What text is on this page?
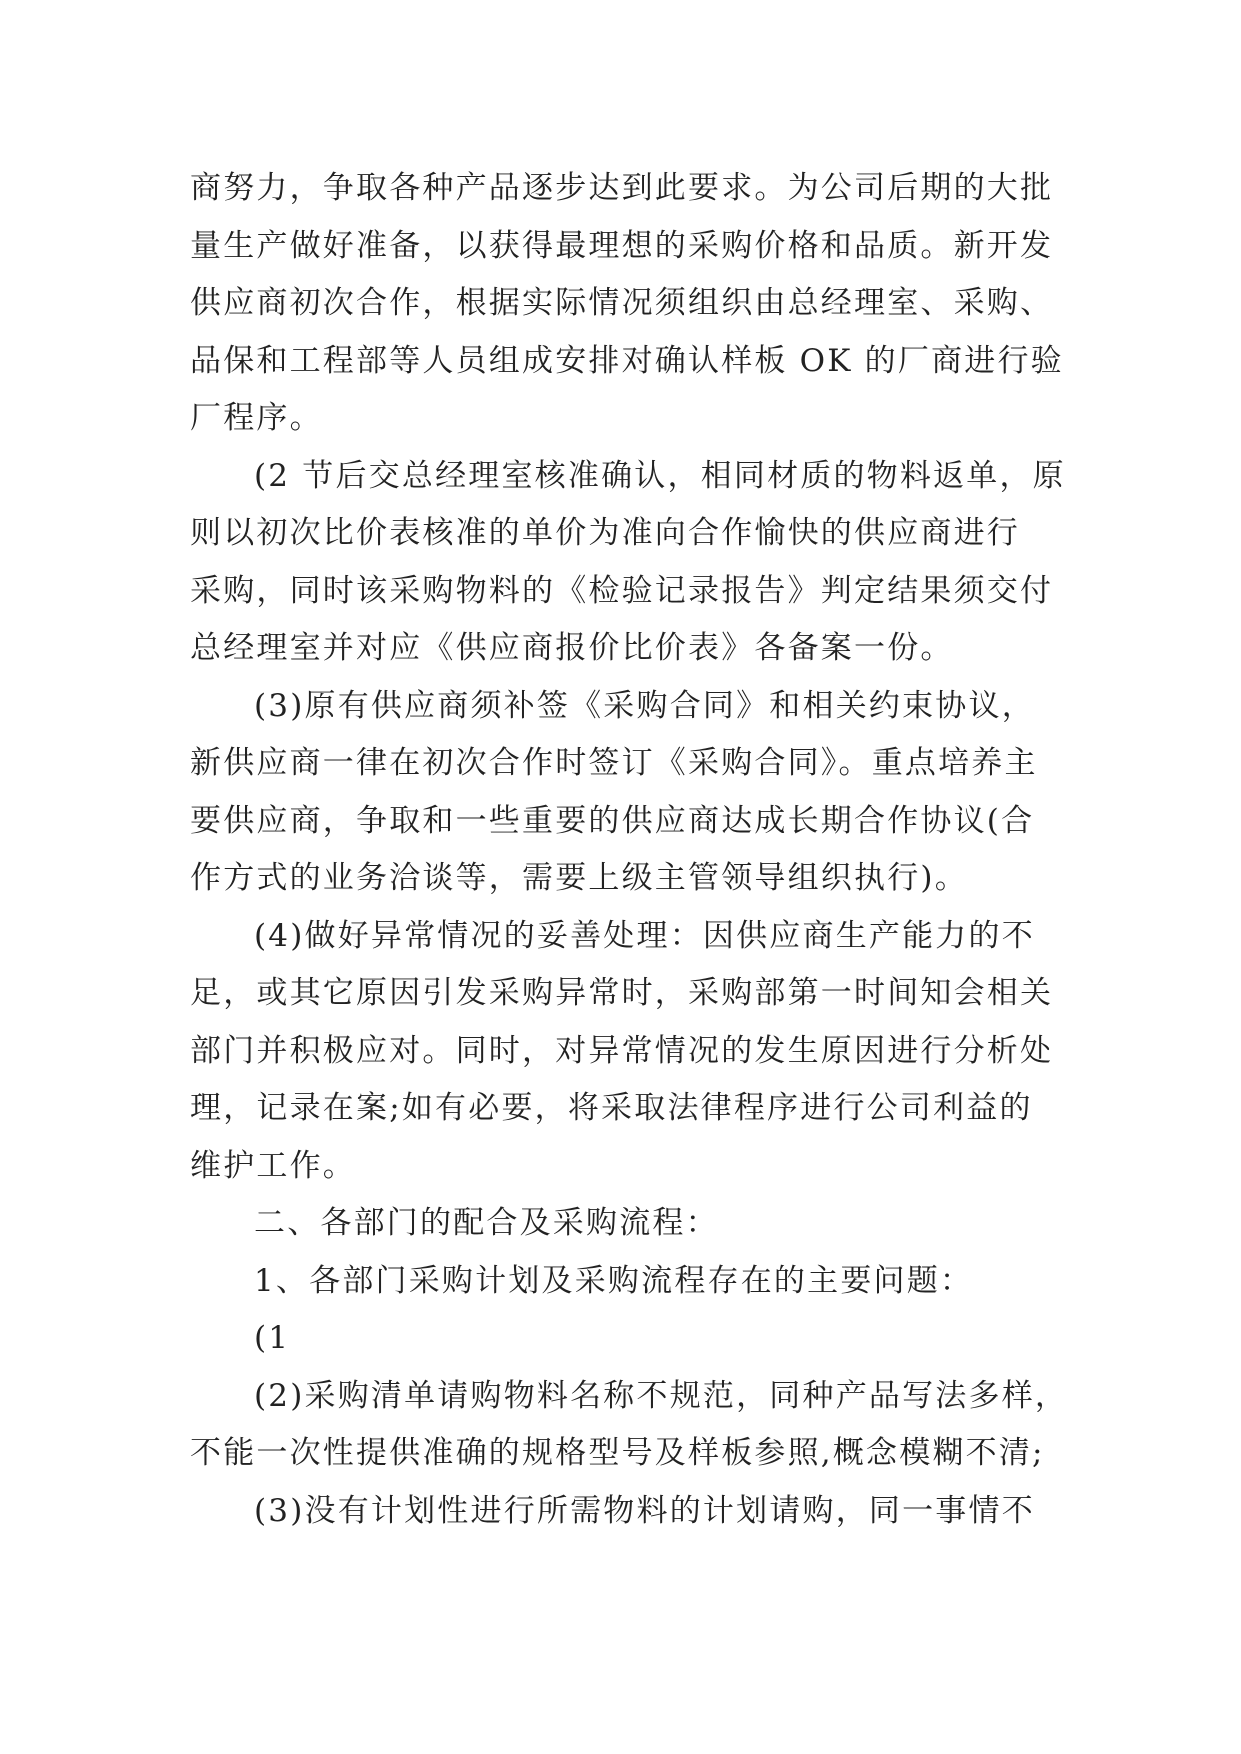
商努力，争取各种产品逐步达到此要求。为公司后期的大批
量生产做好准备，以获得最理想的采购价格和品质。新开发
供应商初次合作，根据实际情况须组织由总经理室、采购、
品保和工程部等人员组成安排对确认样板 OK 的厂商进行验
厂程序。
(2 节后交总经理室核准确认，相同材质的物料返单，原
则以初次比价表核准的单价为准向合作愉快的供应商进行
采购，同时该采购物料的《检验记录报告》判定结果须交付
总经理室并对应《供应商报价比价表》各备案一份。
(3)原有供应商须补签《采购合同》和相关约束协议，
新供应商一律在初次合作时签订《采购合同》。重点培养主
要供应商，争取和一些重要的供应商达成长期合作协议(合
作方式的业务洽谈等，需要上级主管领导组织执行)。
(4)做好异常情况的妥善处理：因供应商生产能力的不
足，或其它原因引发采购异常时，采购部第一时间知会相关
部门并积极应对。同时，对异常情况的发生原因进行分析处
理，记录在案;如有必要，将采取法律程序进行公司利益的
维护工作。
二、各部门的配合及采购流程：
1、各部门采购计划及采购流程存在的主要问题：
(1
(2)采购清单请购物料名称不规范，同种产品写法多样，
不能一次性提供准确的规格型号及样板参照,概念模糊不清;
(3)没有计划性进行所需物料的计划请购，同一事情不
